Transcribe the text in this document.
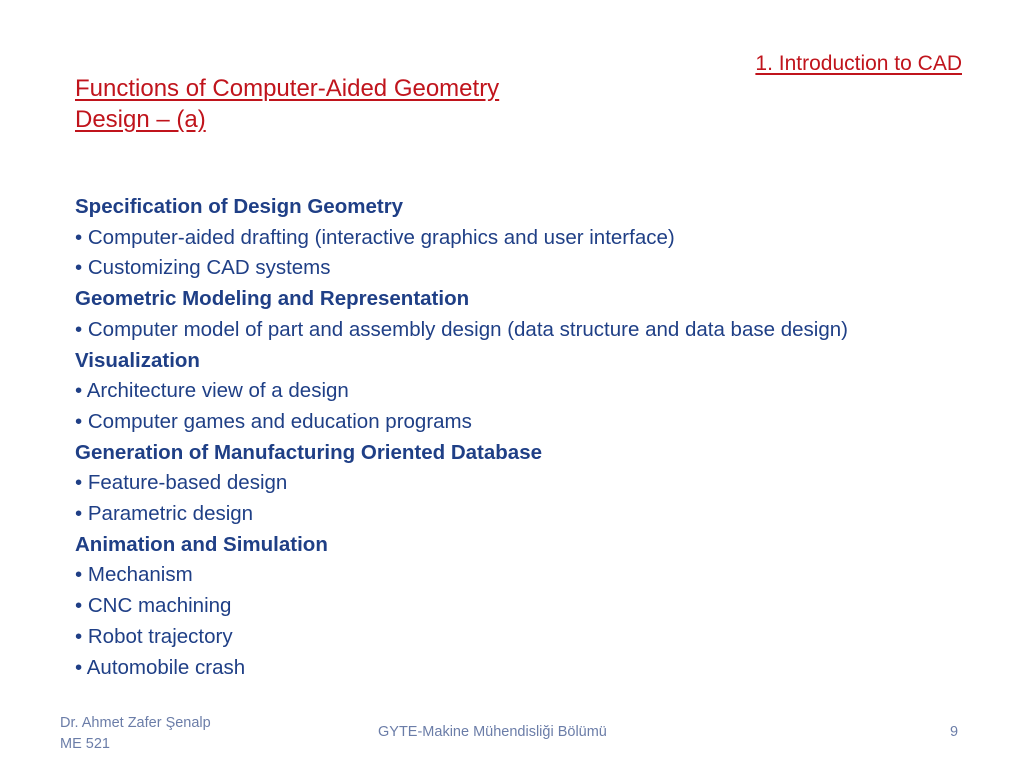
1. Introduction to CAD
Functions of Computer-Aided Geometry
Design – (a)
Specification of Design Geometry
• Computer-aided drafting (interactive graphics and user interface)
• Customizing CAD systems
Geometric Modeling and Representation
• Computer model of part and assembly design (data structure and data base design)
Visualization
• Architecture view of a design
• Computer games and education programs
Generation of Manufacturing Oriented Database
• Feature-based design
• Parametric design
Animation and Simulation
• Mechanism
• CNC machining
• Robot trajectory
• Automobile crash
Dr. Ahmet Zafer Şenalp
ME 521
GYTE-Makine Mühendisliği Bölümü	9
